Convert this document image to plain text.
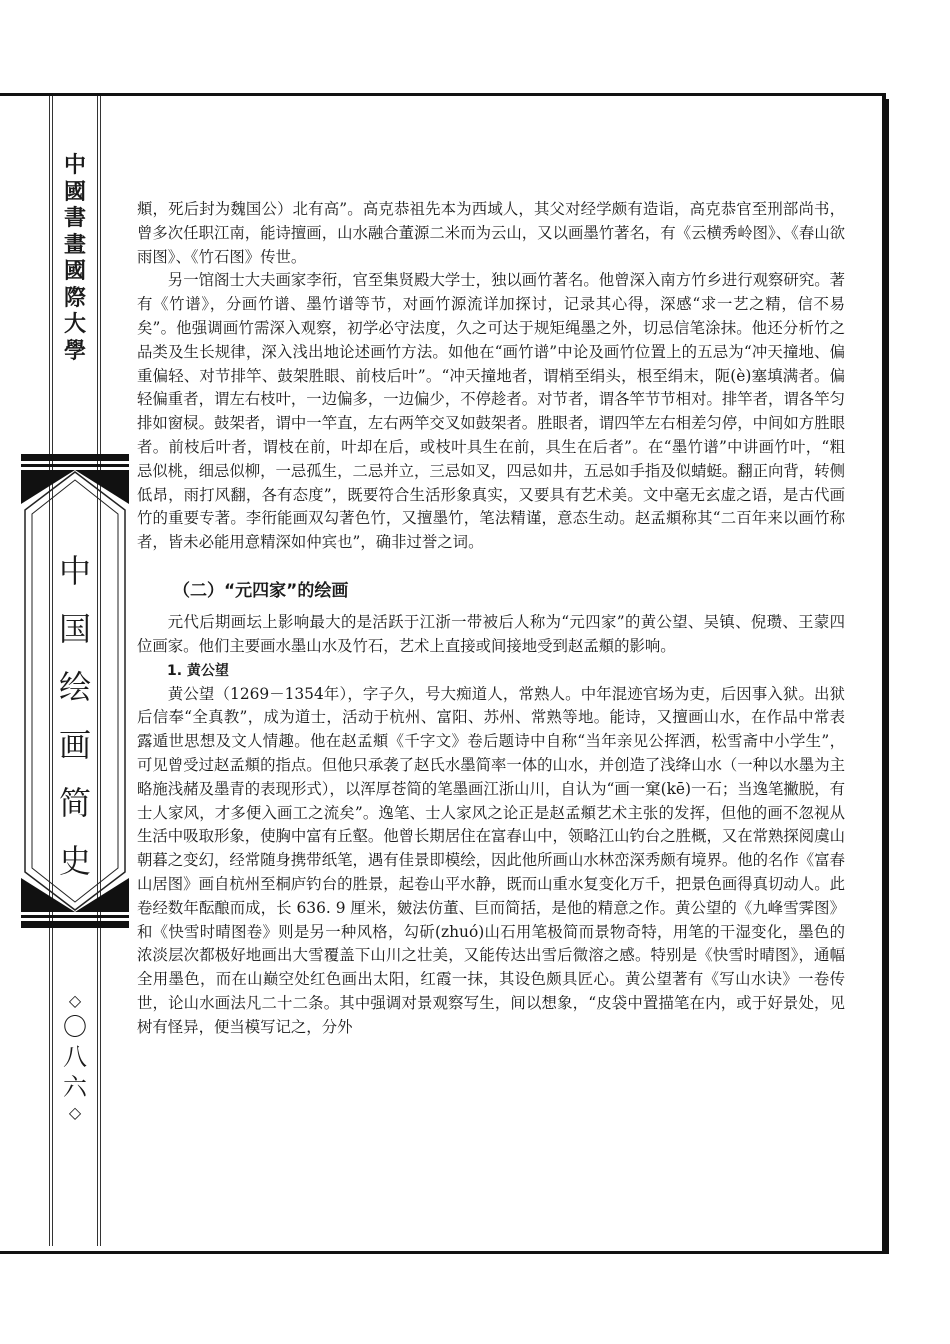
中
國
書
畫
國
際
大
學
中
国
绘
画
简
史
◇
〇
八
六
◇

頫，死后封为魏国公）北有高”。高克恭祖先本为西域人，其父对经学颇有造诣，高克恭官至刑部尚书，曾多次任职江南，能诗擅画，山水融合董源二米而为云山，又以画墨竹著名，有《云横秀岭图》、《春山欲雨图》、《竹石图》传世。

另一馆阁士大夫画家李衎，官至集贤殿大学士，独以画竹著名。他曾深入南方竹乡进行观察研究。著有《竹谱》，分画竹谱、墨竹谱等节，对画竹源流详加探讨，记录其心得，深感“求一艺之精，信不易矣”。他强调画竹需深入观察，初学必守法度，久之可达于规矩绳墨之外，切忌信笔涂抹。他还分析竹之品类及生长规律，深入浅出地论述画竹方法。如他在“画竹谱”中论及画竹位置上的五忌为“冲天撞地、偏重偏轻、对节排竿、鼓架胜眼、前枝后叶”。“冲天撞地者，谓梢至绢头，根至绢末，阨(è)塞填满者。偏轻偏重者，谓左右枝叶，一边偏多，一边偏少，不停趁者。对节者，谓各竿节节相对。排竿者，谓各竿匀排如窗棂。鼓架者，谓中一竿直，左右两竿交叉如鼓架者。胜眼者，谓四竿左右相差匀停，中间如方胜眼者。前枝后叶者，谓枝在前，叶却在后，或枝叶具生在前，具生在后者”。在“墨竹谱”中讲画竹叶，“粗忌似桃，细忌似柳，一忌孤生，二忌并立，三忌如叉，四忌如井，五忌如手指及似蜻蜓。翻正向背，转侧低昂，雨打风翻，各有态度”，既要符合生活形象真实，又要具有艺术美。文中毫无玄虚之语，是古代画竹的重要专著。李衎能画双勾著色竹，又擅墨竹，笔法精谨，意态生动。赵孟頫称其“二百年来以画竹称者，皆未必能用意精深如仲宾也”，确非过誉之词。

（二）“元四家”的绘画

元代后期画坛上影响最大的是活跃于江浙一带被后人称为“元四家”的黄公望、吴镇、倪瓒、王蒙四位画家。他们主要画水墨山水及竹石，艺术上直接或间接地受到赵孟頫的影响。

1. 黄公望

黄公望（1269－1354年），字子久，号大痴道人，常熟人。中年混迹官场为吏，后因事入狱。出狱后信奉“全真教”，成为道士，活动于杭州、富阳、苏州、常熟等地。能诗，又擅画山水，在作品中常表露遁世思想及文人情趣。他在赵孟頫《千字文》卷后题诗中自称“当年亲见公挥洒，松雪斋中小学生”，可见曾受过赵孟頫的指点。但他只承袭了赵氏水墨简率一体的山水，并创造了浅绛山水（一种以水墨为主略施浅赭及墨青的表现形式），以浑厚苍简的笔墨画江浙山川，自认为“画一窠(kē)一石；当逸笔撇脱，有士人家风，才多便入画工之流矣”。逸笔、士人家风之论正是赵孟頫艺术主张的发挥，但他的画不忽视从生活中吸取形象，使胸中富有丘壑。他曾长期居住在富春山中，领略江山钓台之胜概，又在常熟探阅虞山朝暮之变幻，经常随身携带纸笔，遇有佳景即模绘，因此他所画山水林峦深秀颇有境界。他的名作《富春山居图》画自杭州至桐庐钓台的胜景，起卷山平水静，既而山重水复变化万千，把景色画得真切动人。此卷经数年酝酿而成，长 636. 9 厘米，皴法仿董、巨而简括，是他的精意之作。黄公望的《九峰雪霁图》和《快雪时晴图卷》则是另一种风格，勾斫(zhuó)山石用笔极简而景物奇特，用笔的干湿变化，墨色的浓淡层次都极好地画出大雪覆盖下山川之壮美，又能传达出雪后微溶之感。特别是《快雪时晴图》，通幅全用墨色，而在山巅空处红色画出太阳，红霞一抹，其设色颇具匠心。黄公望著有《写山水诀》一卷传世，论山水画法凡二十二条。其中强调对景观察写生，间以想象，“皮袋中置描笔在内，或于好景处，见树有怪异，便当模写记之，分外
